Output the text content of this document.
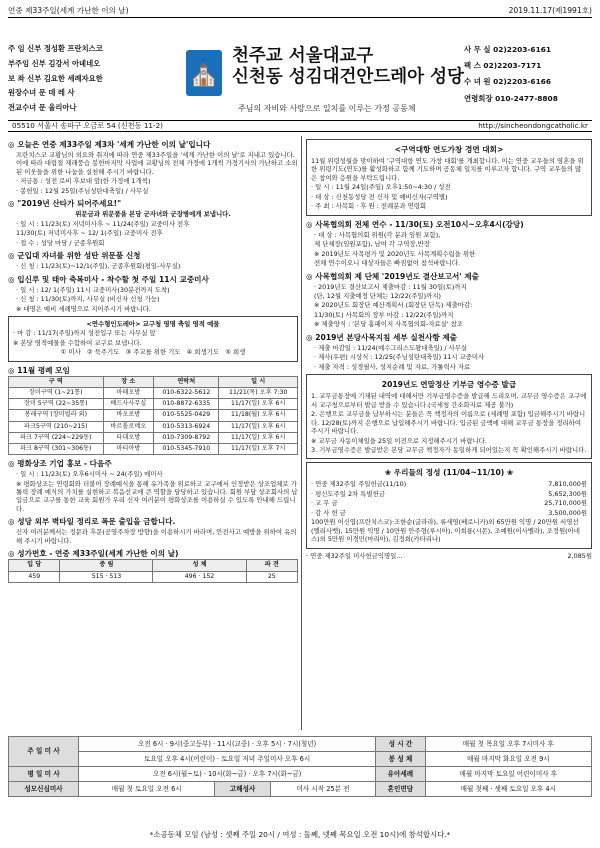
연중 제33주일(세계 가난한 이의 날)	2019.11.17(제1991호)
주 임 신부 정성환 프란치스코
부주임 신부 김강서 아녜네오
보 좌 신부 김요한 세례자요한
원장수녀 문 데 레 사
전교수녀 문 율리아나
⛪
천주교 서울대교구
신천동 성김대건안드레아 성당
주님의 자비와 사랑으로 일치를 이루는 가정 공동체
사 무 실 02)2203-6161
팩 스 02)2203-7171
수 녀 원 02)2203-6166
연령회장 010-2477-8808
05510 서울시 송파구 오금로 54 (신천동 11-2)	http://sincheondongcatholic.kr
◎ 오늘은 연중 제33주일 제3차 '세계 가난한 이의 날'입니다
프란치스코 교황님의 외요와 취지에 따라 연중 제33주일을 '세계 가난한 이의 날'로 지내고 있습니다. 이에 따라 대림절 재래풍습 봉헌마지막 사업에 교황님의 전체 가정에 1개씩 가정기사의 가난하고 소외된 이웃들을 위한 나눔을 실천해 주시기 바랍니다.
· 저금통 : 성전 로비 후보대 앞(한 가정에 1개씩)
· 봉헌일 : 12월 25일(주님성탄대축일) / 사무실
◎ "2019년 산타가 되어주세요!"
위문금과 위문품을 본당 군자녀와 군장병에게 보냅니다.
· 일 시 : 11/23(토) 저녁미사후 ~ 11/24(주일) 교중미사 전후
11/30(토) 저녁미사후 ~ 12/ 1(주일) 교중미사 전후
· 접 수 : 성당 마당 / 군종후원회
◎ 군입대 자녀를 위한 성탄 위문품 신청
· 신 청 : 11/23(토)~12/1(주일), 군종후원회(평일-사무실)
◎ 입신루 및 태아 축복미사 - 착수할 첫 주일 11시 교중미사
· 일 시 : 12/ 1(주일) 11시 교중미사(30분전까지 도착)
· 신 청 : 11/30(토)까지, 사무실 (비신자 신청 가능)
※ 대명은 예비 세례명으로 지어주시기 바랍니다.
<연수형인도레아> 교구청 영명 축일 영적 예물
· 마 감 : 11/17(주일)까지 성전입구 또는 사무실 앞
※ 본당 영적예물을 수합하여 교구로 보냅니다.
① 미사 ② 묵주기도 ③ 주교를 위한 기도 ④ 희생기도 ⑤ 희생
◎ 11월 평례 모임
구 역	장 소	연락처	일 시
장미구역 (1~21통)	마태오방	010-6322-5612	11/21(목) 오후 7:30
장미 5구역 (22~35통)	베드사사무실	010-8872-6335	11/17(일) 오후 6시
봉래구역 (장미빌라 외)	바오로방	010-5525-0429	11/18(월) 오후 6시
파크5구역 (210~215)	바르톨로메오	010-5313-6924	11/17(일) 오후 6시
파크 7구역 (224~229동)	타대오방	010-7309-8792	11/17(일) 오후 6시
파크 8구역 (301~306동)	마티아방	010-5345-7910	11/17(일) 오후 7시
◎ 평화상조 기업 홍보 - 다음주
· 일 시 : 11/23(토) 오후6시미사 ~ 24(주일) 매미사
※ 평화상조는 연령회와 더불어 장례예식을 통해 유가족을 위로하고 교구에서 인정받은 상조업체로 가톨릭 장례 예식의 가치를 실현하고 복음선교에 큰 역할을 담당하고 있습니다. 회원 부담 상조회사의 납입금으로 교구를 통한 교육 회원가 우리 신자 여러분이 평화상조를 이용하실 수 있도록 안내해 드립니다.
◎ 성당 외부 벽타일 정리로 폭문 출입을 금합니다.
신자 여러분께서는 정문과 후문(공영주차장 방향)을 이용하시기 바라며, 안전사고 예방을 위하여 유의해 주시기 바랍니다.
◎ 성가번호 - 연중 제33주일(세계 가난한 이의 날)
입 당	중 림	성 체	파 견
459	515 · 513	496 · 152	25
<구역대항 연도가창 경연 대회>
11월 위령성월을 맞이하여 '구역대항 연도 가창 대회'를 개최합니다. 이는 연중 교우들의 영혼을 위한 위령기도(연도)를 활성화하고 함께 기도하며 공동체 일치를 이루고자 합니다. 구역 교우들의 많은 참여와 응원을 부탁드립니다.
· 일 시 : 11월 24일(주일) 오후1:50~4:30 / 성전
· 대 상 : 신천동성당 전 신자 및 예비신자(구역별)
· 주 최 : 사목회 · 후 원 : 전례분과 연령회
◎ 사목협의회 전체 연수 - 11/30(토) 오전10시~오후4시(강당)
· 대 상 : 사목협의회 위원(각 분과 임원 포함),
제 단체장(임원포함), 남여 각 구역장,반장
※ 2019년도 사목평가 및 2020년도 사목계획수립을 위한
전체 연수이오니 대상자들은 빠짐없이 참석바랍니다.
◎ 사목협의회 제 단체 '2019년도 결산보고서' 제출
· 2019년도 결산보고서 제출마감 : 11월 30일(토)까지
(단, 12월 지출예정 단체는 12/22(주일)까지)
※ 2020년도 회장단 예산계획서 (회장단 단독) 제출마감:
11/30(토) 사목회의 장부 마감 : 12/22(주일)까지
※ 제출양식 : '본당 홈페이지 사목협의회-자료실' 참조
◎ 2019년 본당사목지침 세부 실천사항 제출
· 제출 마감일 : 11/24(예수그리스도왕대축일) / 사무실
· 제사(우편) 시상식 : 12/25(주님성탄대축일) 11시 교중미사
· 제출 자격 : 성경필사, 성지순례 및 자료, 가톨릭사 자료
2019년도 연말정산 기부금 영수증 발급
1. 교무금통장에 기재된 내역에 대해서만 기부금영수증을 발급해 드리오며, 교무금 영수증은 교구에서 교구청으로부터 발급 받을 수 있습니다.(국세청 간소화자료 제공 불가)
2. 은행으로 교무금을 납부하시는 분들은 꼭 책정자의 이름으로 (세례명 포함) 입금해주시기 바랍니다. 12/28(토)까지 은행으로 납입해주시기 바랍니다. 입금된 금액에 대해 교무금 통장을 정리하여 주시기 바랍니다.
※ 교무금 자동이체일을 25일 이전으로 지정해주시기 바랍니다.
3. 기부금영수증은 발급받은 본당 교무금 책정자가 동일하게 되어있는지 꼭 확인해주시기 바랍니다.
❀ 우리들의 정성 (11/04~11/10) ❀
· 연중 제32주일 주일헌금(11/10)	7,810,000원
· 평신도주일 2차 특별헌금	5,652,300원
· 교 무 금	25,710,000원
· 감 사 헌 금	3,500,000원
100만원 이신엽(프란치스코)·조한순(글라라), 류세영(베로니카)외 65만원 익명 / 20만원 서영선(엘리사벳), 15만원 익명 / 10만원 안주형(루시아), 이희룡(시몬), 조예원(이사벨라), 조정원(아네스)외 5만원 이경민(마리아), 김정희(카타리나)
· 연중 제32주일 미사헌금익명일...	2,085원
주 일 미 사	오전 6시 · 9시(중고등부) · 11시(교중) · 오후 5시 · 7시(청년)			성 시 간	매월 첫 목요일 오후 7시미사 후
	토요일 오후 4시(어린이) · 토요일 저녁 주일미사 오후 6시			봉 성 체	매월 마지막 화요일 오전 9시
평 일 미 사	오전 6시(월~토) · 10시(화~금) · 오후 7시(화~금)			유아세례	매월 마지막 토요일 어린이미사 후
성모신심미사	매월 첫 토요일 오전 6시	고해성사	미사 시작 25분 전	혼인면담	매월 첫째 · 셋째 토요일 오후 4시
*소공동체 모임 (남성 : 셋째 주일 20시 / 여성 : 둘째, 넷째 목요일 오전 10시)에 참석합시다.*
